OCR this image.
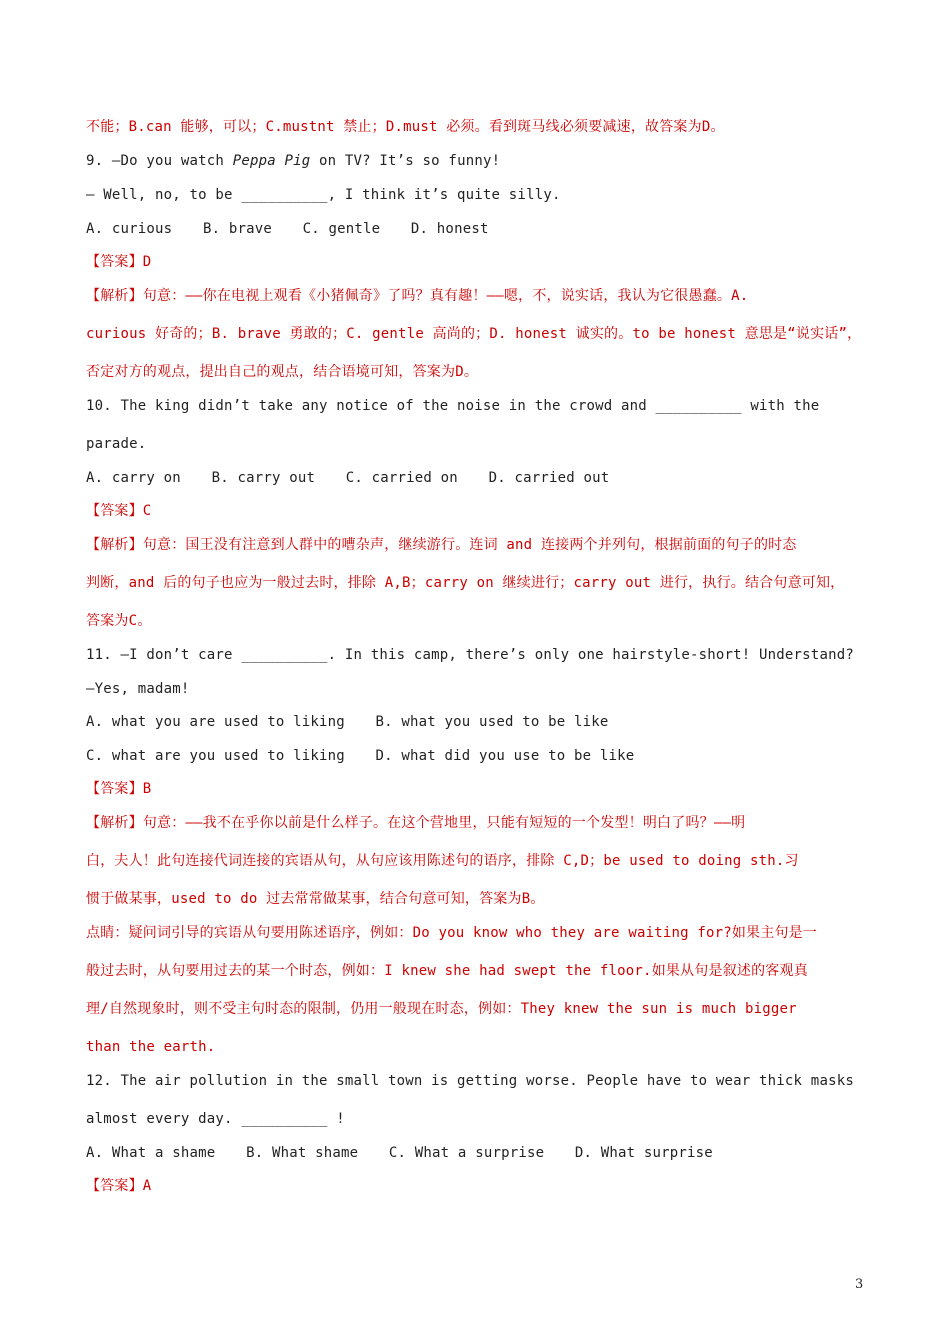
不能；B.can 能够，可以；C.mustnt 禁止；D.must 必须。看到斑马线必须要减速，故答案为D。
9. —Do you watch Peppa Pig on TV? It’s so funny!
— Well, no, to be __________, I think it’s quite silly.
A. curious B. brave C. gentle D. honest
【答案】D
【解析】句意：——你在电视上观看《小猪佩奇》了吗？真有趣！——嗯，不，说实话，我认为它很愚蠢。A.
curious 好奇的；B. brave 勇敢的；C. gentle 高尚的；D. honest 诚实的。to be honest 意思是“说实话”，
否定对方的观点，提出自己的观点，结合语境可知，答案为D。
10. The king didn’t take any notice of the noise in the crowd and __________ with the
parade.
A. carry on B. carry out C. carried on D. carried out
【答案】C
【解析】句意：国王没有注意到人群中的嘈杂声，继续游行。连词 and 连接两个并列句，根据前面的句子的时态
判断，and 后的句子也应为一般过去时，排除 A,B；carry on 继续进行；carry out 进行，执行。结合句意可知，
答案为C。
11. —I don’t care __________. In this camp, there’s only one hairstyle-short! Understand?
—Yes, madam!
A. what you are used to liking B. what you used to be like
C. what are you used to liking D. what did you use to be like
【答案】B
【解析】句意：——我不在乎你以前是什么样子。在这个营地里，只能有短短的一个发型！明白了吗？——明
白，夫人！此句连接代词连接的宾语从句，从句应该用陈述句的语序，排除 C,D；be used to doing sth.习
惯于做某事，used to do 过去常常做某事，结合句意可知，答案为B。
点睛：疑问词引导的宾语从句要用陈述语序，例如：Do you know who they are waiting for?如果主句是一
般过去时，从句要用过去的某一个时态，例如：I knew she had swept the floor.如果从句是叙述的客观真
理/自然现象时，则不受主句时态的限制，仍用一般现在时态，例如：They knew the sun is much bigger
than the earth.
12. The air pollution in the small town is getting worse. People have to wear thick masks
almost every day. __________ !
A. What a shame B. What shame C. What a surprise D. What surprise
【答案】A
3
